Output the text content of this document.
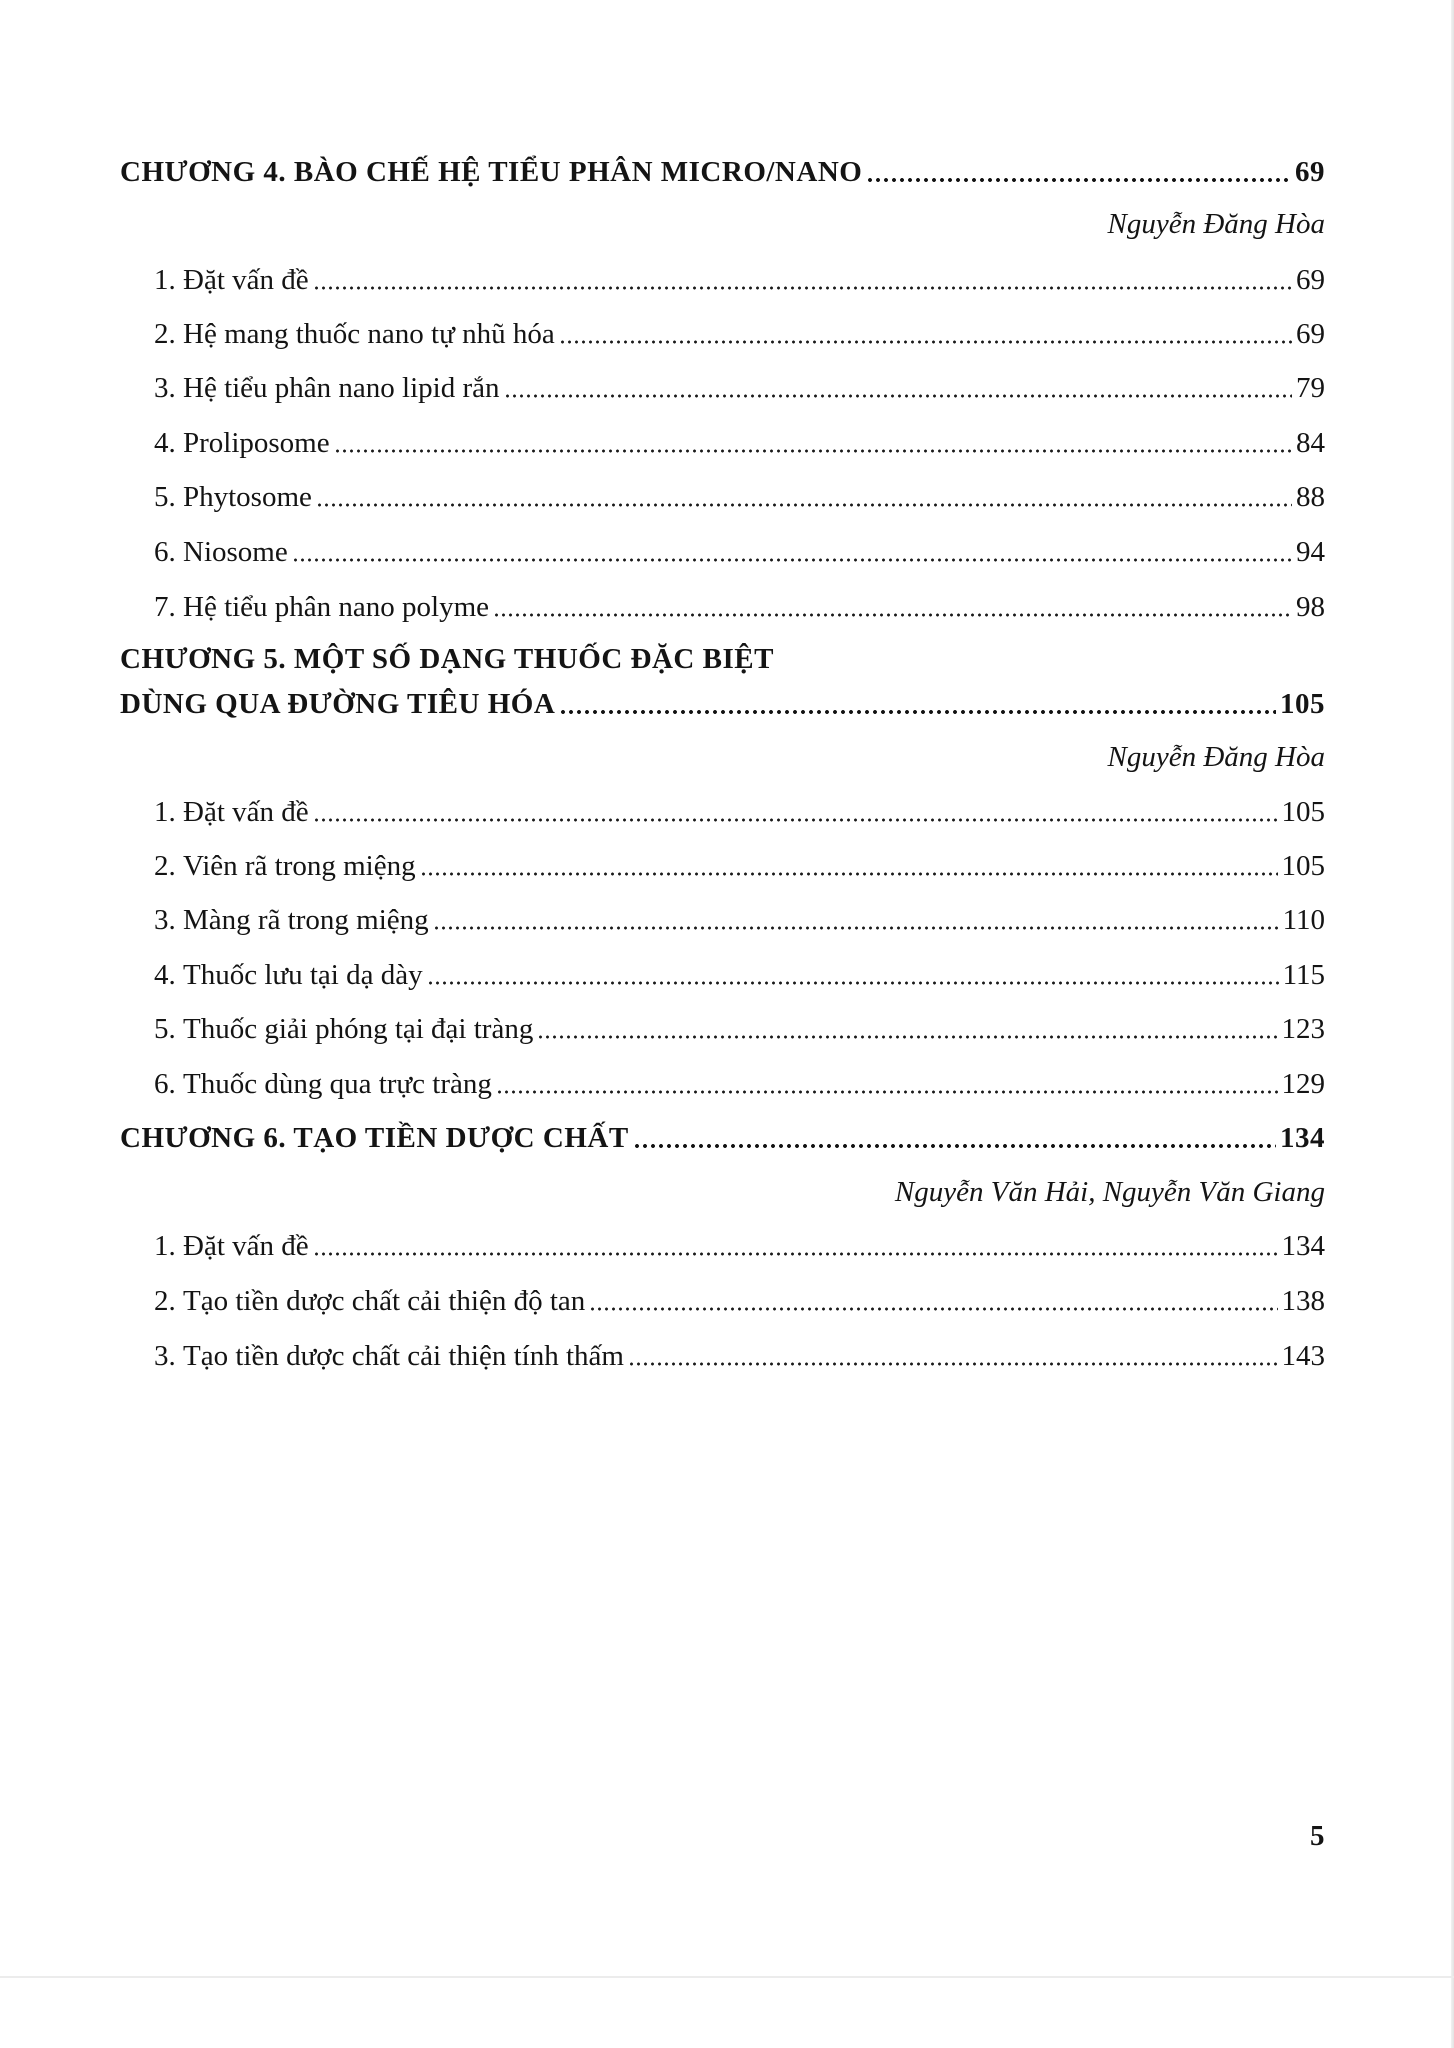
CHƯƠNG 4. BÀO CHẾ HỆ TIỂU PHÂN MICRO/NANO	69
Nguyễn Đăng Hòa
1. Đặt vấn đề	69
2. Hệ mang thuốc nano tự nhũ hóa	69
3. Hệ tiểu phân nano lipid rắn	79
4. Proliposome	84
5. Phytosome	88
6. Niosome	94
7. Hệ tiểu phân nano polyme	98
CHƯƠNG 5. MỘT SỐ DẠNG THUỐC ĐẶC BIỆT
DÙNG QUA ĐƯỜNG TIÊU HÓA	105
Nguyễn Đăng Hòa
1. Đặt vấn đề	105
2. Viên rã trong miệng	105
3. Màng rã trong miệng	110
4. Thuốc lưu tại dạ dày	115
5. Thuốc giải phóng tại đại tràng	123
6. Thuốc dùng qua trực tràng	129
CHƯƠNG 6. TẠO TIỀN DƯỢC CHẤT	134
Nguyễn Văn Hải, Nguyễn Văn Giang
1. Đặt vấn đề	134
2. Tạo tiền dược chất cải thiện độ tan	138
3. Tạo tiền dược chất cải thiện tính thấm	143
5
